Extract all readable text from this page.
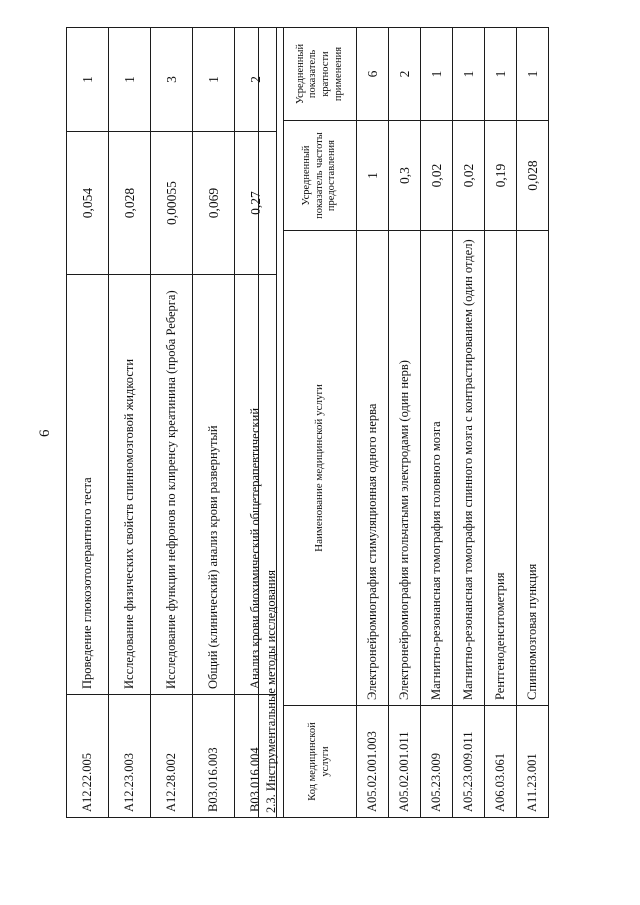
6
A12.22.005	Проведение глюкозотолерантного теста	0,054	1
A12.23.003	Исследование физических свойств спинномозговой жидкости	0,028	1
A12.28.002	Исследование функции нефронов по клиренсу креатинина (проба Реберга)	0,00055	3
B03.016.003	Общий (клинический) анализ крови развернутый	0,069	1
B03.016.004	Анализ крови биохимический общетерапевтический	0,27	2
2.3. Инструментальные методы исследования			
Код медицинской услуги	Наименование медицинской услуги	Усредненный показатель частоты предоставления	Усредненный показатель кратности применения
A05.02.001.003	Электронейромиография стимуляционная одного нерва	1	6
A05.02.001.011	Электронейромиография игольчатыми электродами (один нерв)	0,3	2
A05.23.009	Магнитно-резонансная томография головного мозга	0,02	1
A05.23.009.011	Магнитно-резонансная томография спинного мозга с контрастированием (один отдел)	0,02	1
A06.03.061	Рентгеноденситометрия	0,19	1
A11.23.001	Спинномозговая пункция	0,028	1
